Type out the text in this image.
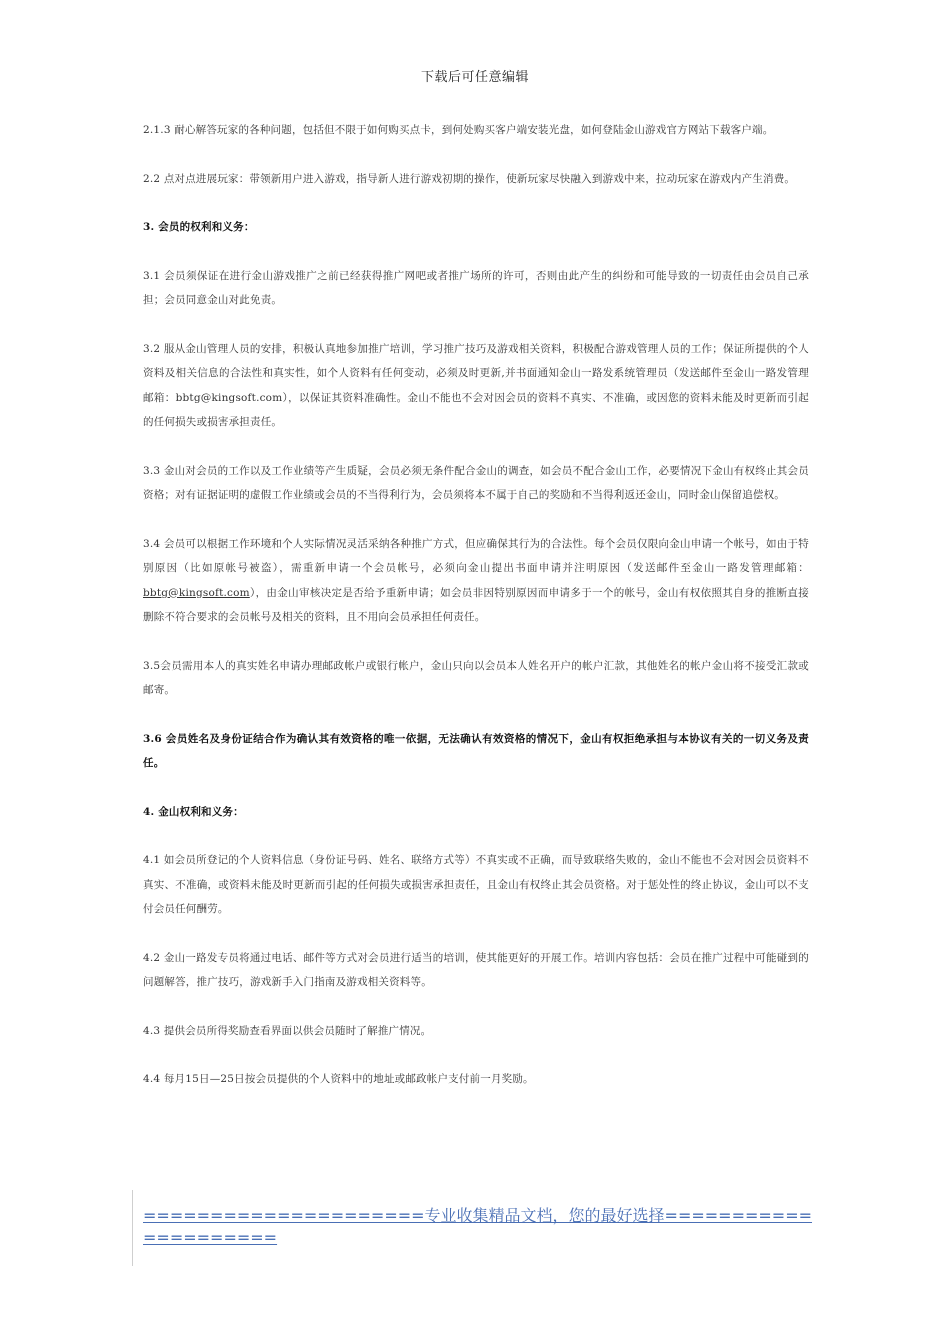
下载后可任意编辑

2.1.3 耐心解答玩家的各种问题，包括但不限于如何购买点卡，到何处购买客户端安装光盘，如何登陆金山游戏官方网站下载客户端。

2.2 点对点进展玩家：带领新用户进入游戏，指导新人进行游戏初期的操作，使新玩家尽快融入到游戏中来，拉动玩家在游戏内产生消费。

3. 会员的权利和义务：

3.1 会员须保证在进行金山游戏推广之前已经获得推广网吧或者推广场所的许可，否则由此产生的纠纷和可能导致的一切责任由会员自己承担；会员同意金山对此免责。

3.2 服从金山管理人员的安排，积极认真地参加推广培训，学习推广技巧及游戏相关资料，积极配合游戏管理人员的工作；保证所提供的个人资料及相关信息的合法性和真实性，如个人资料有任何变动，必须及时更新,并书面通知金山一路发系统管理员（发送邮件至金山一路发管理邮箱：bbtg@kingsoft.com），以保证其资料准确性。金山不能也不会对因会员的资料不真实、不准确，或因您的资料未能及时更新而引起的任何损失或损害承担责任。

3.3 金山对会员的工作以及工作业绩等产生质疑，会员必须无条件配合金山的调查，如会员不配合金山工作，必要情况下金山有权终止其会员资格；对有证据证明的虚假工作业绩或会员的不当得利行为，会员须将本不属于自己的奖励和不当得利返还金山，同时金山保留追偿权。

3.4 会员可以根据工作环境和个人实际情况灵活采纳各种推广方式，但应确保其行为的合法性。每个会员仅限向金山申请一个帐号，如由于特别原因（比如原帐号被盗），需重新申请一个会员帐号，必须向金山提出书面申请并注明原因（发送邮件至金山一路发管理邮箱：bbtg@kingsoft.com），由金山审核决定是否给予重新申请；如会员非因特别原因而申请多于一个的帐号，金山有权依照其自身的推断直接删除不符合要求的会员帐号及相关的资料，且不用向会员承担任何责任。

3.5会员需用本人的真实姓名申请办理邮政帐户或银行帐户，金山只向以会员本人姓名开户的帐户汇款，其他姓名的帐户金山将不接受汇款或邮寄。

3.6 会员姓名及身份证结合作为确认其有效资格的唯一依据，无法确认有效资格的情况下，金山有权拒绝承担与本协议有关的一切义务及责任。

4. 金山权利和义务：

4.1 如会员所登记的个人资料信息（身份证号码、姓名、联络方式等）不真实或不正确，而导致联络失败的，金山不能也不会对因会员资料不真实、不准确，或资料未能及时更新而引起的任何损失或损害承担责任，且金山有权终止其会员资格。对于惩处性的终止协议，金山可以不支付会员任何酬劳。

4.2 金山一路发专员将通过电话、邮件等方式对会员进行适当的培训，使其能更好的开展工作。培训内容包括：会员在推广过程中可能碰到的问题解答，推广技巧，游戏新手入门指南及游戏相关资料等。

4.3 提供会员所得奖励查看界面以供会员随时了解推广情况。

4.4 每月15日—25日按会员提供的个人资料中的地址或邮政帐户支付前一月奖励。

=====================专业收集精品文档，您的最好选择=====================
